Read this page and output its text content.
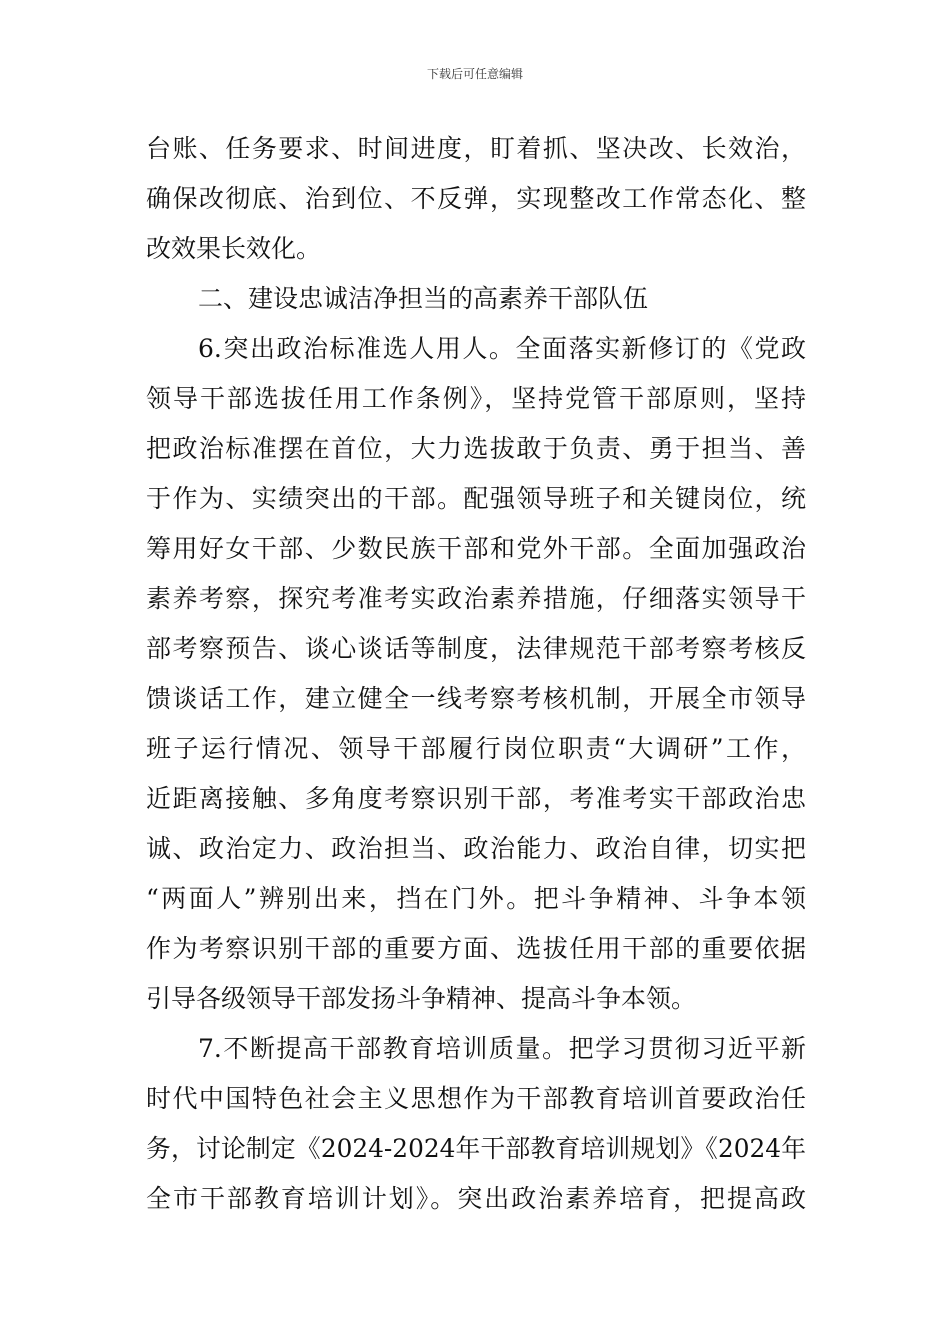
下载后可任意编辑
台账、任务要求、时间进度，盯着抓、坚决改、长效治，
确保改彻底、治到位、不反弹，实现整改工作常态化、整
改效果长效化。
二、建设忠诚洁净担当的高素养干部队伍
6.突出政治标准选人用人。全面落实新修订的《党政
领导干部选拔任用工作条例》，坚持党管干部原则，坚持
把政治标准摆在首位，大力选拔敢于负责、勇于担当、善
于作为、实绩突出的干部。配强领导班子和关键岗位，统
筹用好女干部、少数民族干部和党外干部。全面加强政治
素养考察，探究考准考实政治素养措施，仔细落实领导干
部考察预告、谈心谈话等制度，法律规范干部考察考核反
馈谈话工作，建立健全一线考察考核机制，开展全市领导
班子运行情况、领导干部履行岗位职责“大调研”工作，
近距离接触、多角度考察识别干部，考准考实干部政治忠
诚、政治定力、政治担当、政治能力、政治自律，切实把
“两面人”辨别出来，挡在门外。把斗争精神、斗争本领
作为考察识别干部的重要方面、选拔任用干部的重要依据
引导各级领导干部发扬斗争精神、提高斗争本领。
7.不断提高干部教育培训质量。把学习贯彻习近平新
时代中国特色社会主义思想作为干部教育培训首要政治任
务，讨论制定《2024-2024年干部教育培训规划》《2024年
全市干部教育培训计划》。突出政治素养培育，把提高政
